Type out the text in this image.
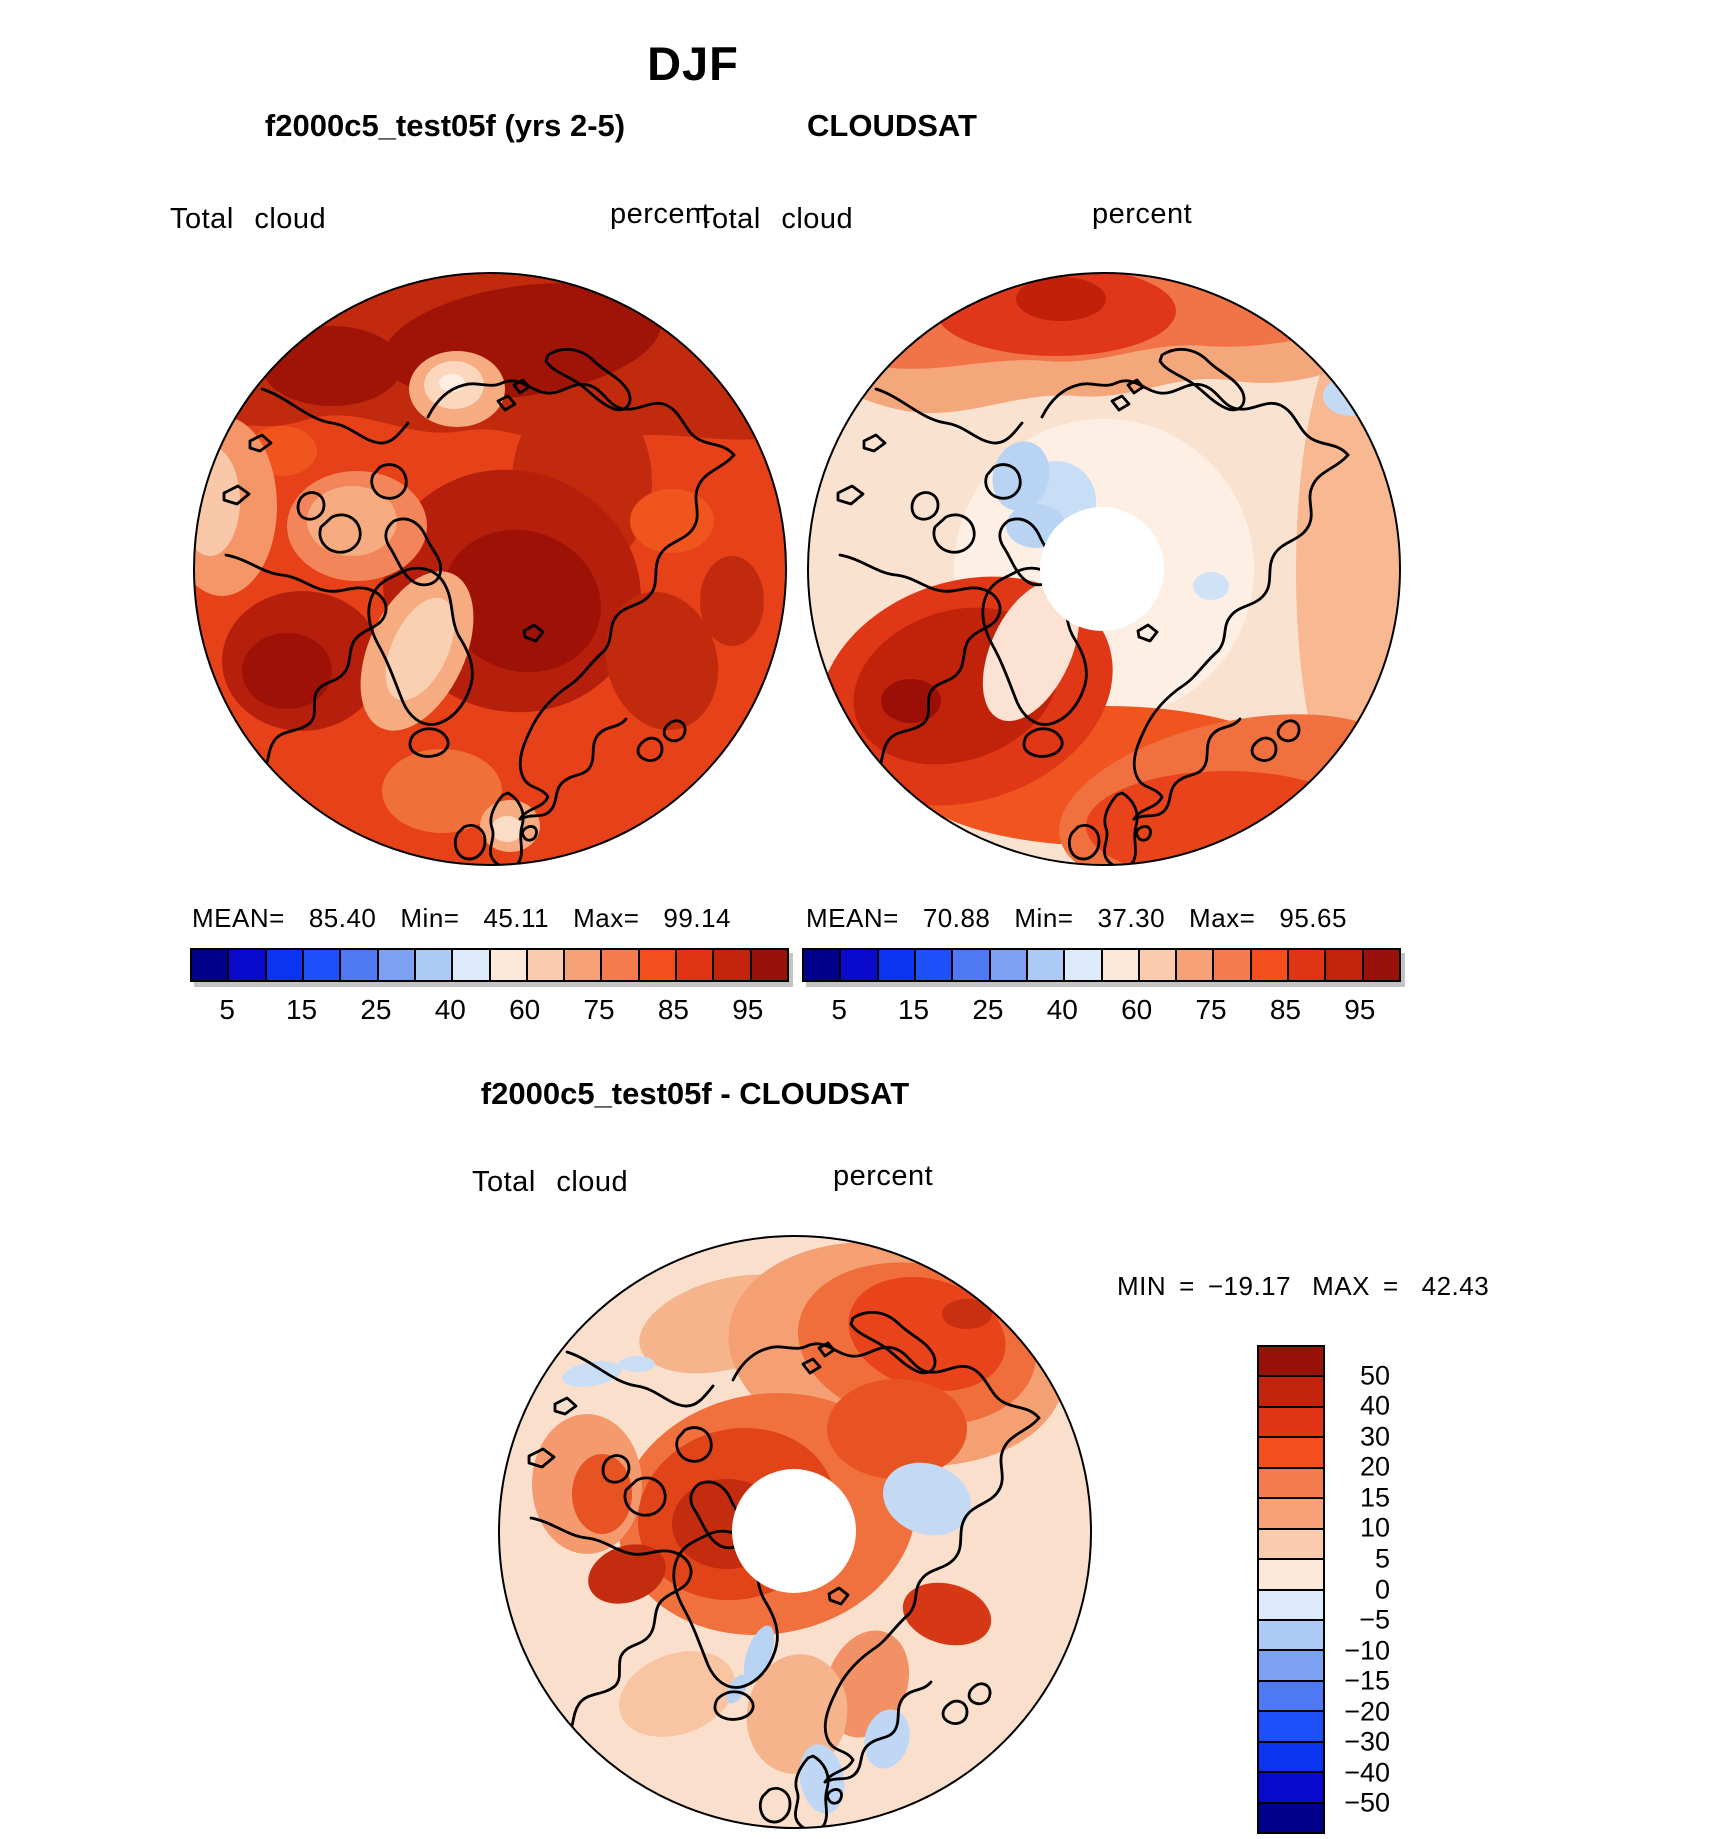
DJF
f2000c5_test05f (yrs 2-5)	CLOUDSAT
Total cloud	percent
Total cloud	percent
MEAN= 85.40 Min= 45.11 Max= 99.14	MEAN= 70.88 Min= 37.30 Max= 95.65
5 15 25 40 60 75 85 95 5 15 25 40 60 75 85 95
f2000c5_test05f - CLOUDSAT
Total cloud	percent
MIN = −19.17 MAX = 42.43
50
40
30
20
15
10
5
0
−5
−10
−15
−20
−30
−40
−50
